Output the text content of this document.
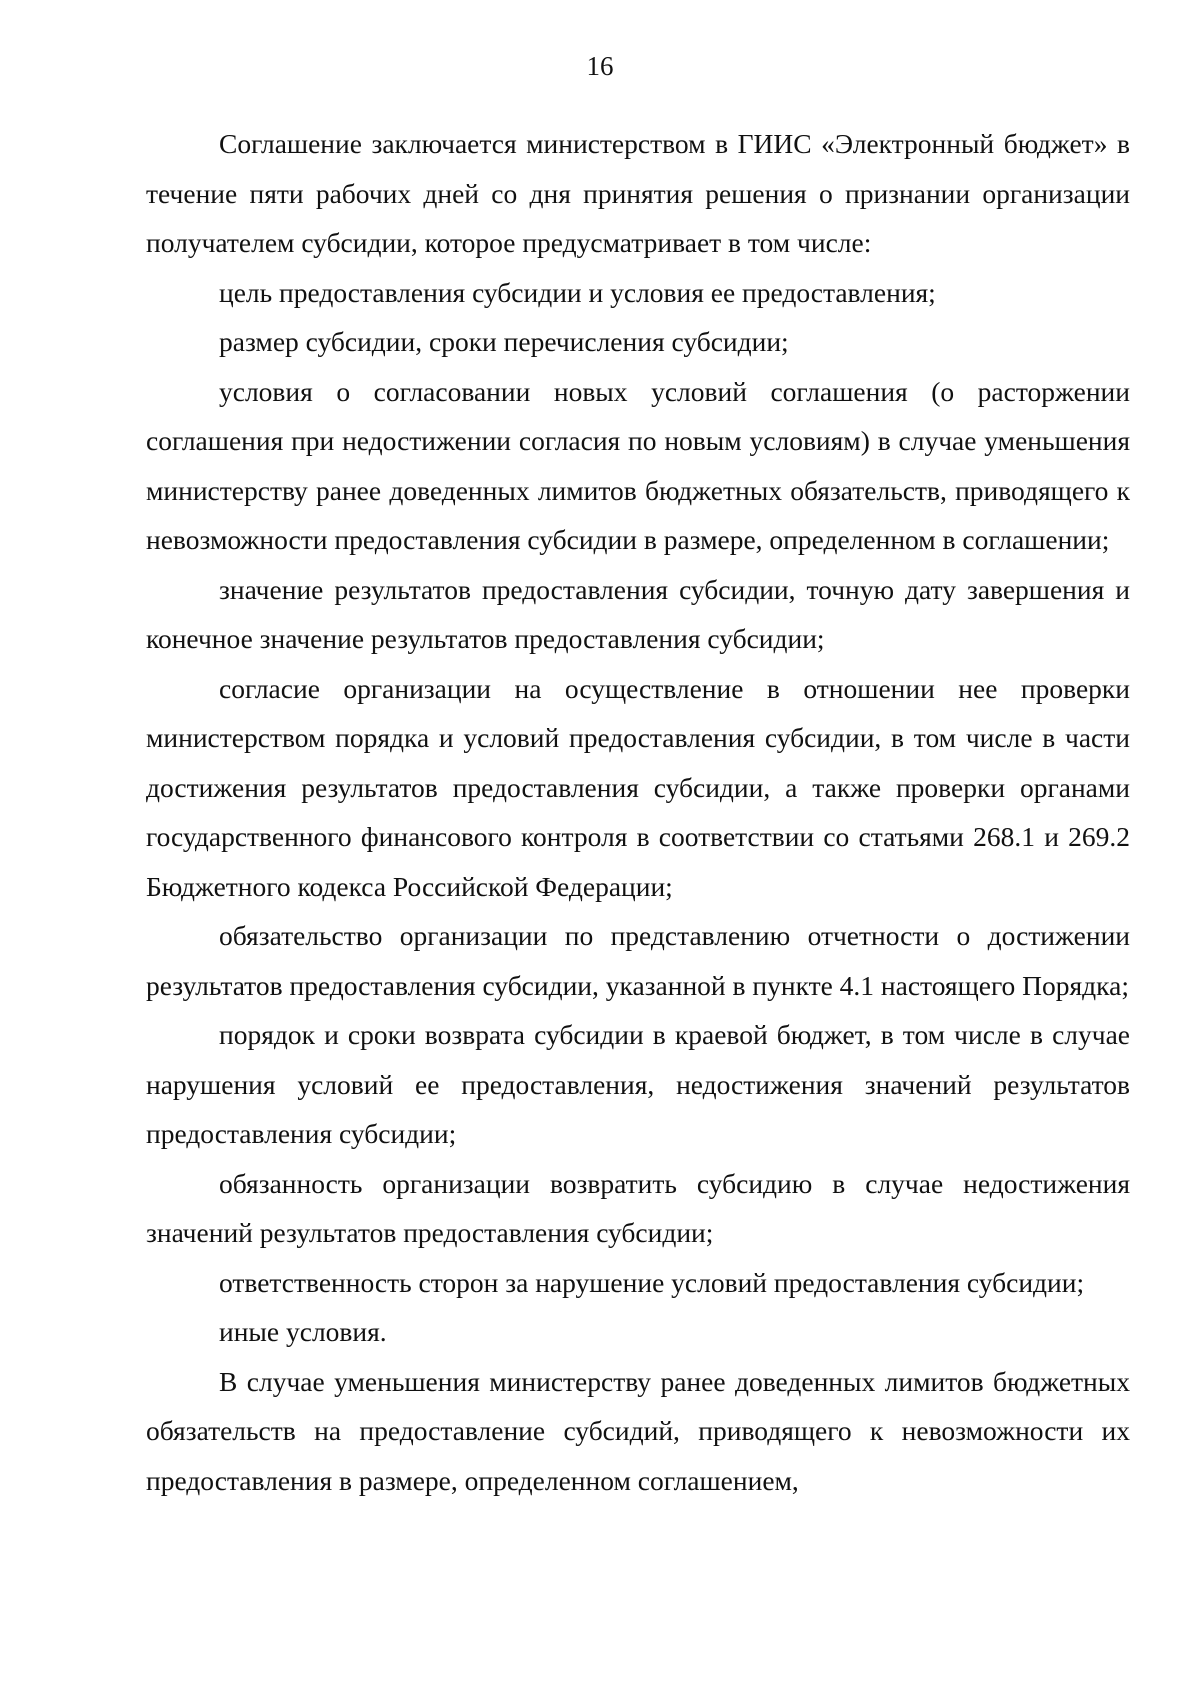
16

Соглашение заключается министерством в ГИИС «Электронный бюджет» в течение пяти рабочих дней со дня принятия решения о признании организации получателем субсидии, которое предусматривает в том числе:

цель предоставления субсидии и условия ее предоставления;

размер субсидии, сроки перечисления субсидии;

условия о согласовании новых условий соглашения (о расторжении соглашения при недостижении согласия по новым условиям) в случае уменьшения министерству ранее доведенных лимитов бюджетных обязательств, приводящего к невозможности предоставления субсидии в размере, определенном в соглашении;

значение результатов предоставления субсидии, точную дату завершения и конечное значение результатов предоставления субсидии;

согласие организации на осуществление в отношении нее проверки министерством порядка и условий предоставления субсидии, в том числе в части достижения результатов предоставления субсидии, а также проверки органами государственного финансового контроля в соответствии со статьями 268.1 и 269.2 Бюджетного кодекса Российской Федерации;

обязательство организации по представлению отчетности о достижении результатов предоставления субсидии, указанной в пункте 4.1 настоящего Порядка;

порядок и сроки возврата субсидии в краевой бюджет, в том числе в случае нарушения условий ее предоставления, недостижения значений результатов предоставления субсидии;

обязанность организации возвратить субсидию в случае недостижения значений результатов предоставления субсидии;

ответственность сторон за нарушение условий предоставления субсидии;

иные условия.

В случае уменьшения министерству ранее доведенных лимитов бюджетных обязательств на предоставление субсидий, приводящего к невозможности их предоставления в размере, определенном соглашением,
